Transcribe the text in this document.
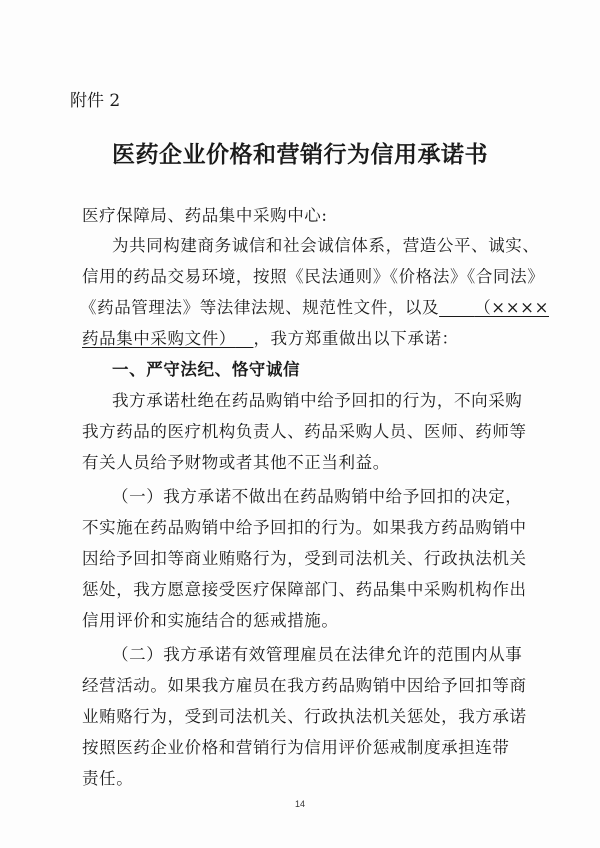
附件 2
医药企业价格和营销行为信用承诺书
医疗保障局、药品集中采购中心:
为共同构建商务诚信和社会诚信体系，营造公平、诚实、
信用的药品交易环境，按照《民法通则》《价格法》《合同法》
《药品管理法》等法律法规、规范性文件，以及 （××××
药品集中采购文件） ，我方郑重做出以下承诺：
一、严守法纪、恪守诚信
我方承诺杜绝在药品购销中给予回扣的行为，不向采购
我方药品的医疗机构负责人、药品采购人员、医师、药师等
有关人员给予财物或者其他不正当利益。
（一）我方承诺不做出在药品购销中给予回扣的决定，
不实施在药品购销中给予回扣的行为。如果我方药品购销中
因给予回扣等商业贿赂行为，受到司法机关、行政执法机关
惩处，我方愿意接受医疗保障部门、药品集中采购机构作出
信用评价和实施结合的惩戒措施。
（二）我方承诺有效管理雇员在法律允许的范围内从事
经营活动。如果我方雇员在我方药品购销中因给予回扣等商
业贿赂行为，受到司法机关、行政执法机关惩处，我方承诺
按照医药企业价格和营销行为信用评价惩戒制度承担连带
责任。
14
